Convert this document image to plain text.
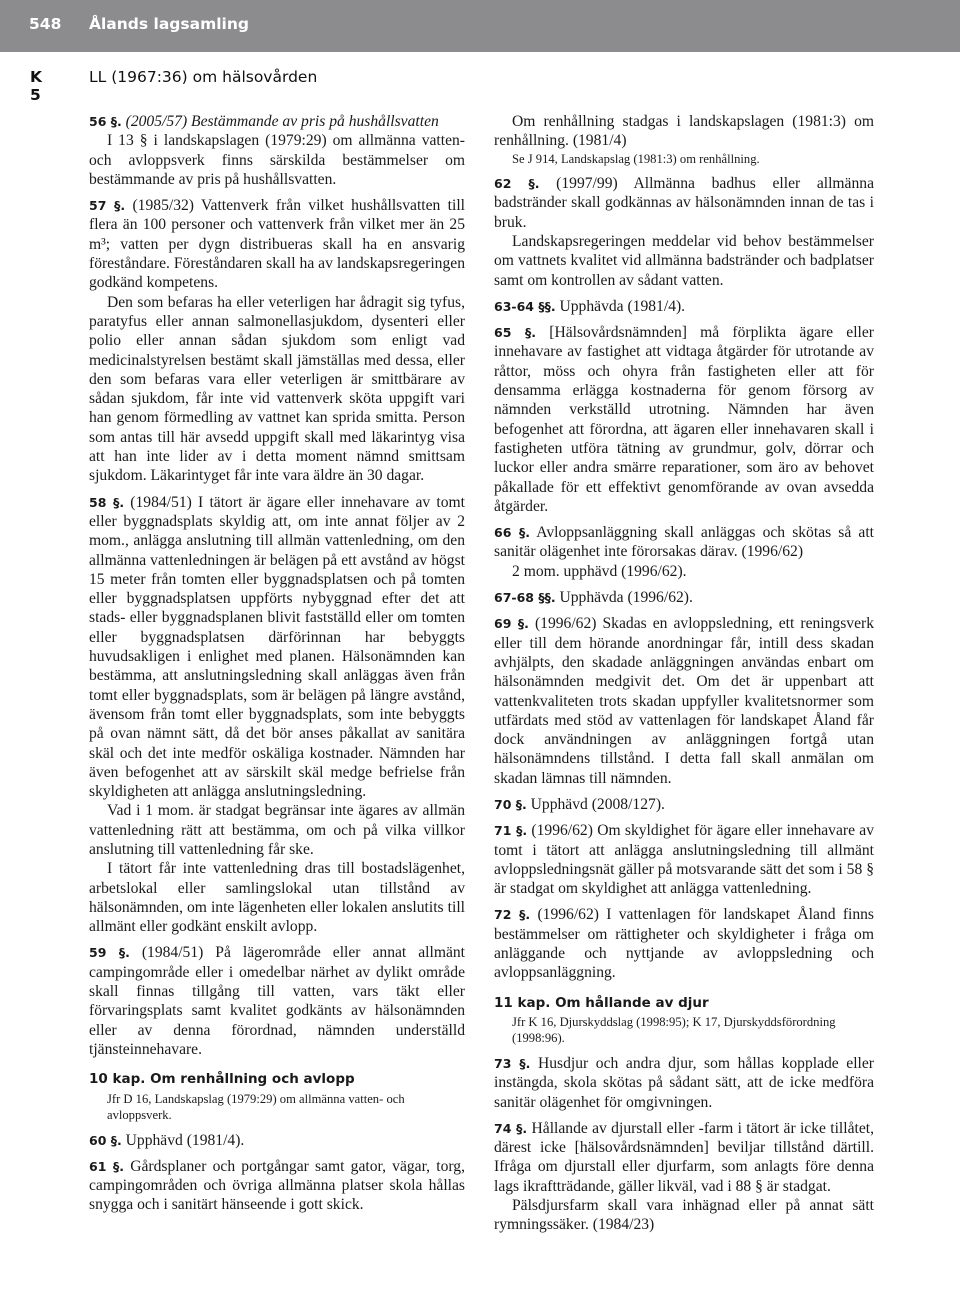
548 Ålands lagsamling
K 5
LL (1967:36) om hälsovården

56 §. (2005/57) Bestämmande av pris på hushållsvatten

I 13 § i landskapslagen (1979:29) om allmänna vatten- och avloppsverk finns särskilda bestämmelser om bestämmande av pris på hushållsvatten.

57 §. (1985/32) Vattenverk från vilket hushållsvatten till flera än 100 personer och vattenverk från vilket mer än 25 m³; vatten per dygn distribueras skall ha en ansvarig föreståndare. Föreståndaren skall ha av landskapsregeringen godkänd kompetens.

Den som befaras ha eller veterligen har ådragit sig tyfus, paratyfus eller annan salmonellasjukdom, dysenteri eller polio eller annan sådan sjukdom som enligt vad medicinalstyrelsen bestämt skall jämställas med dessa, eller den som befaras vara eller veterligen är smittbärare av sådan sjukdom, får inte vid vattenverk sköta uppgift vari han genom förmedling av vattnet kan sprida smitta. Person som antas till här avsedd uppgift skall med läkarintyg visa att han inte lider av i detta moment nämnd smittsam sjukdom. Läkarintyget får inte vara äldre än 30 dagar.

58 §. (1984/51) I tätort är ägare eller innehavare av tomt eller byggnadsplats skyldig att, om inte annat följer av 2 mom., anlägga anslutning till allmän vattenledning, om den allmänna vattenledningen är belägen på ett avstånd av högst 15 meter från tomten eller byggnadsplatsen och på tomten eller byggnadsplatsen uppförts nybyggnad efter det att stads- eller byggnadsplanen blivit fastställd eller om tomten eller byggnadsplatsen därförinnan har bebyggts huvudsakligen i enlighet med planen. Hälsonämnden kan bestämma, att anslutningsledning skall anläggas även från tomt eller byggnadsplats, som är belägen på längre avstånd, ävensom från tomt eller byggnadsplats, som inte bebyggts på ovan nämnt sätt, då det bör anses påkallat av sanitära skäl och det inte medför oskäliga kostnader. Nämnden har även befogenhet att av särskilt skäl medge befrielse från skyldigheten att anlägga anslutningsledning.

Vad i 1 mom. är stadgat begränsar inte ägares av allmän vattenledning rätt att bestämma, om och på vilka villkor anslutning till vattenledning får ske.

I tätort får inte vattenledning dras till bostadslägenhet, arbetslokal eller samlingslokal utan tillstånd av hälsonämnden, om inte lägenheten eller lokalen anslutits till allmänt eller godkänt enskilt avlopp.

59 §. (1984/51) På lägerområde eller annat allmänt campingområde eller i omedelbar närhet av dylikt område skall finnas tillgång till vatten, vars täkt eller förvaringsplats samt kvalitet godkänts av hälsonämnden eller av denna förordnad, nämnden underställd tjänsteinnehavare.

10 kap. Om renhållning och avlopp

Jfr D 16, Landskapslag (1979:29) om allmänna vatten- och avloppsverk.

60 §. Upphävd (1981/4).

61 §. Gårdsplaner och portgångar samt gator, vägar, torg, campingområden och övriga allmänna platser skola hållas snygga och i sanitärt hänseende i gott skick.

Om renhållning stadgas i landskapslagen (1981:3) om renhållning. (1981/4)

Se J 914, Landskapslag (1981:3) om renhållning.

62 §. (1997/99) Allmänna badhus eller allmänna badstränder skall godkännas av hälsonämnden innan de tas i bruk.

Landskapsregeringen meddelar vid behov bestämmelser om vattnets kvalitet vid allmänna badstränder och badplatser samt om kontrollen av sådant vatten.

63-64 §§. Upphävda (1981/4).

65 §. [Hälsovårdsnämnden] må förplikta ägare eller innehavare av fastighet att vidtaga åtgärder för utrotande av råttor, möss och ohyra från fastigheten eller att för densamma erlägga kostnaderna för genom försorg av nämnden verkställd utrotning. Nämnden har även befogenhet att förordna, att ägaren eller innehavaren skall i fastigheten utföra tätning av grundmur, golv, dörrar och luckor eller andra smärre reparationer, som äro av behovet påkallade för ett effektivt genomförande av ovan avsedda åtgärder.

66 §. Avloppsanläggning skall anläggas och skötas så att sanitär olägenhet inte förorsakas därav. (1996/62)

2 mom. upphävd (1996/62).

67-68 §§. Upphävda (1996/62).

69 §. (1996/62) Skadas en avloppsledning, ett reningsverk eller till dem hörande anordningar får, intill dess skadan avhjälpts, den skadade anläggningen användas enbart om hälsonämnden medgivit det. Om det är uppenbart att vattenkvaliteten trots skadan uppfyller kvalitetsnormer som utfärdats med stöd av vattenlagen för landskapet Åland får dock användningen av anläggningen fortgå utan hälsonämndens tillstånd. I detta fall skall anmälan om skadan lämnas till nämnden.

70 §. Upphävd (2008/127).

71 §. (1996/62) Om skyldighet för ägare eller innehavare av tomt i tätort att anlägga anslutningsledning till allmänt avloppsledningsnät gäller på motsvarande sätt det som i 58 § är stadgat om skyldighet att anlägga vattenledning.

72 §. (1996/62) I vattenlagen för landskapet Åland finns bestämmelser om rättigheter och skyldigheter i fråga om anläggande och nyttjande av avloppsledning och avloppsanläggning.

11 kap. Om hållande av djur

Jfr K 16, Djurskyddslag (1998:95); K 17, Djurskyddsförordning (1998:96).

73 §. Husdjur och andra djur, som hållas kopplade eller instängda, skola skötas på sådant sätt, att de icke medföra sanitär olägenhet för omgivningen.

74 §. Hållande av djurstall eller -farm i tätort är icke tillåtet, därest icke [hälsovårdsnämnden] beviljar tillstånd därtill. Ifråga om djurstall eller djurfarm, som anlagts före denna lags ikraftträdande, gäller likväl, vad i 88 § är stadgat.

Pälsdjursfarm skall vara inhägnad eller på annat sätt rymningssäker. (1984/23)
